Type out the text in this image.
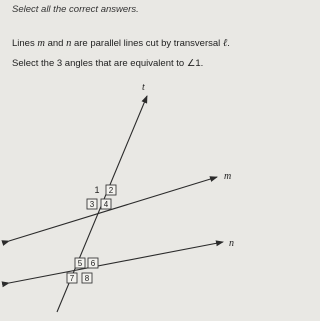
Select all the correct answers.

Lines m and n are parallel lines cut by transversal ℓ.

Select the 3 angles that are equivalent to ∠1.

t
m
n
1 2
3 4
5 6
7 8
